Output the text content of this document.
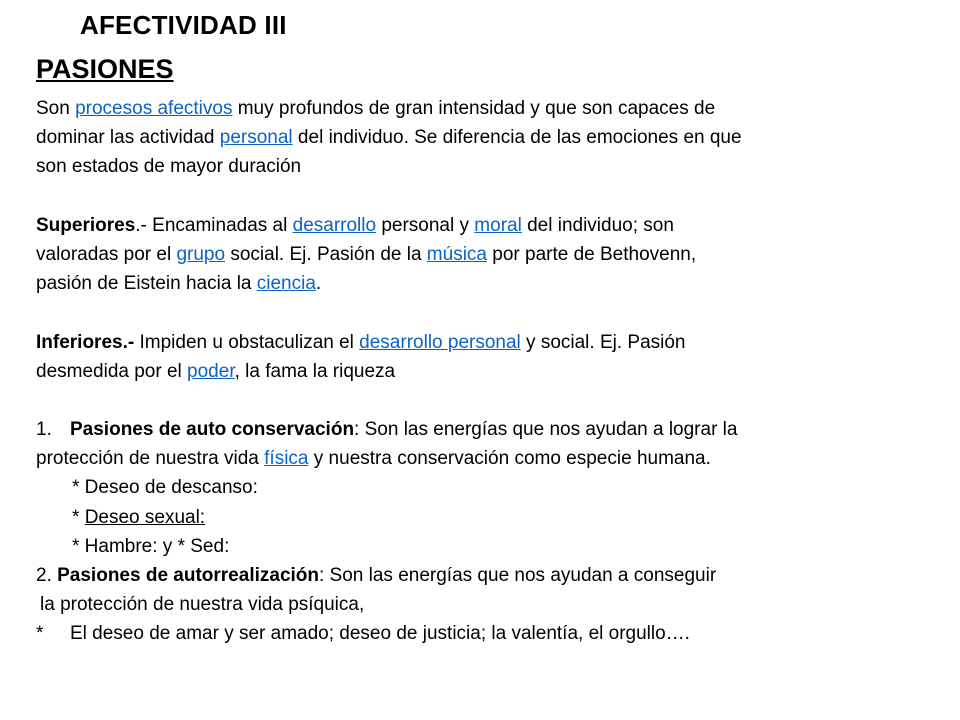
AFECTIVIDAD III
PASIONES
Son procesos afectivos muy profundos de gran intensidad y que son capaces de
dominar las actividad personal del individuo. Se diferencia de las emociones en que
son estados de mayor duración
Superiores.- Encaminadas al desarrollo personal y moral del individuo; son
valoradas por el grupo social. Ej. Pasión de la música por parte de Bethovenn,
pasión de Eistein hacia la ciencia.
Inferiores.- Impiden u obstaculizan el desarrollo personal y social. Ej. Pasión
desmedida por el poder, la fama la riqueza
1. Pasiones de auto conservación: Son las energías que nos ayudan a lograr la
protección de nuestra vida física y nuestra conservación como especie humana.
* Deseo de descanso:
* Deseo sexual:
* Hambre: y * Sed:
2. Pasiones de autorrealización: Son las energías que nos ayudan a conseguir
la protección de nuestra vida psíquica,
* El deseo de amar y ser amado; deseo de justicia; la valentía, el orgullo….
